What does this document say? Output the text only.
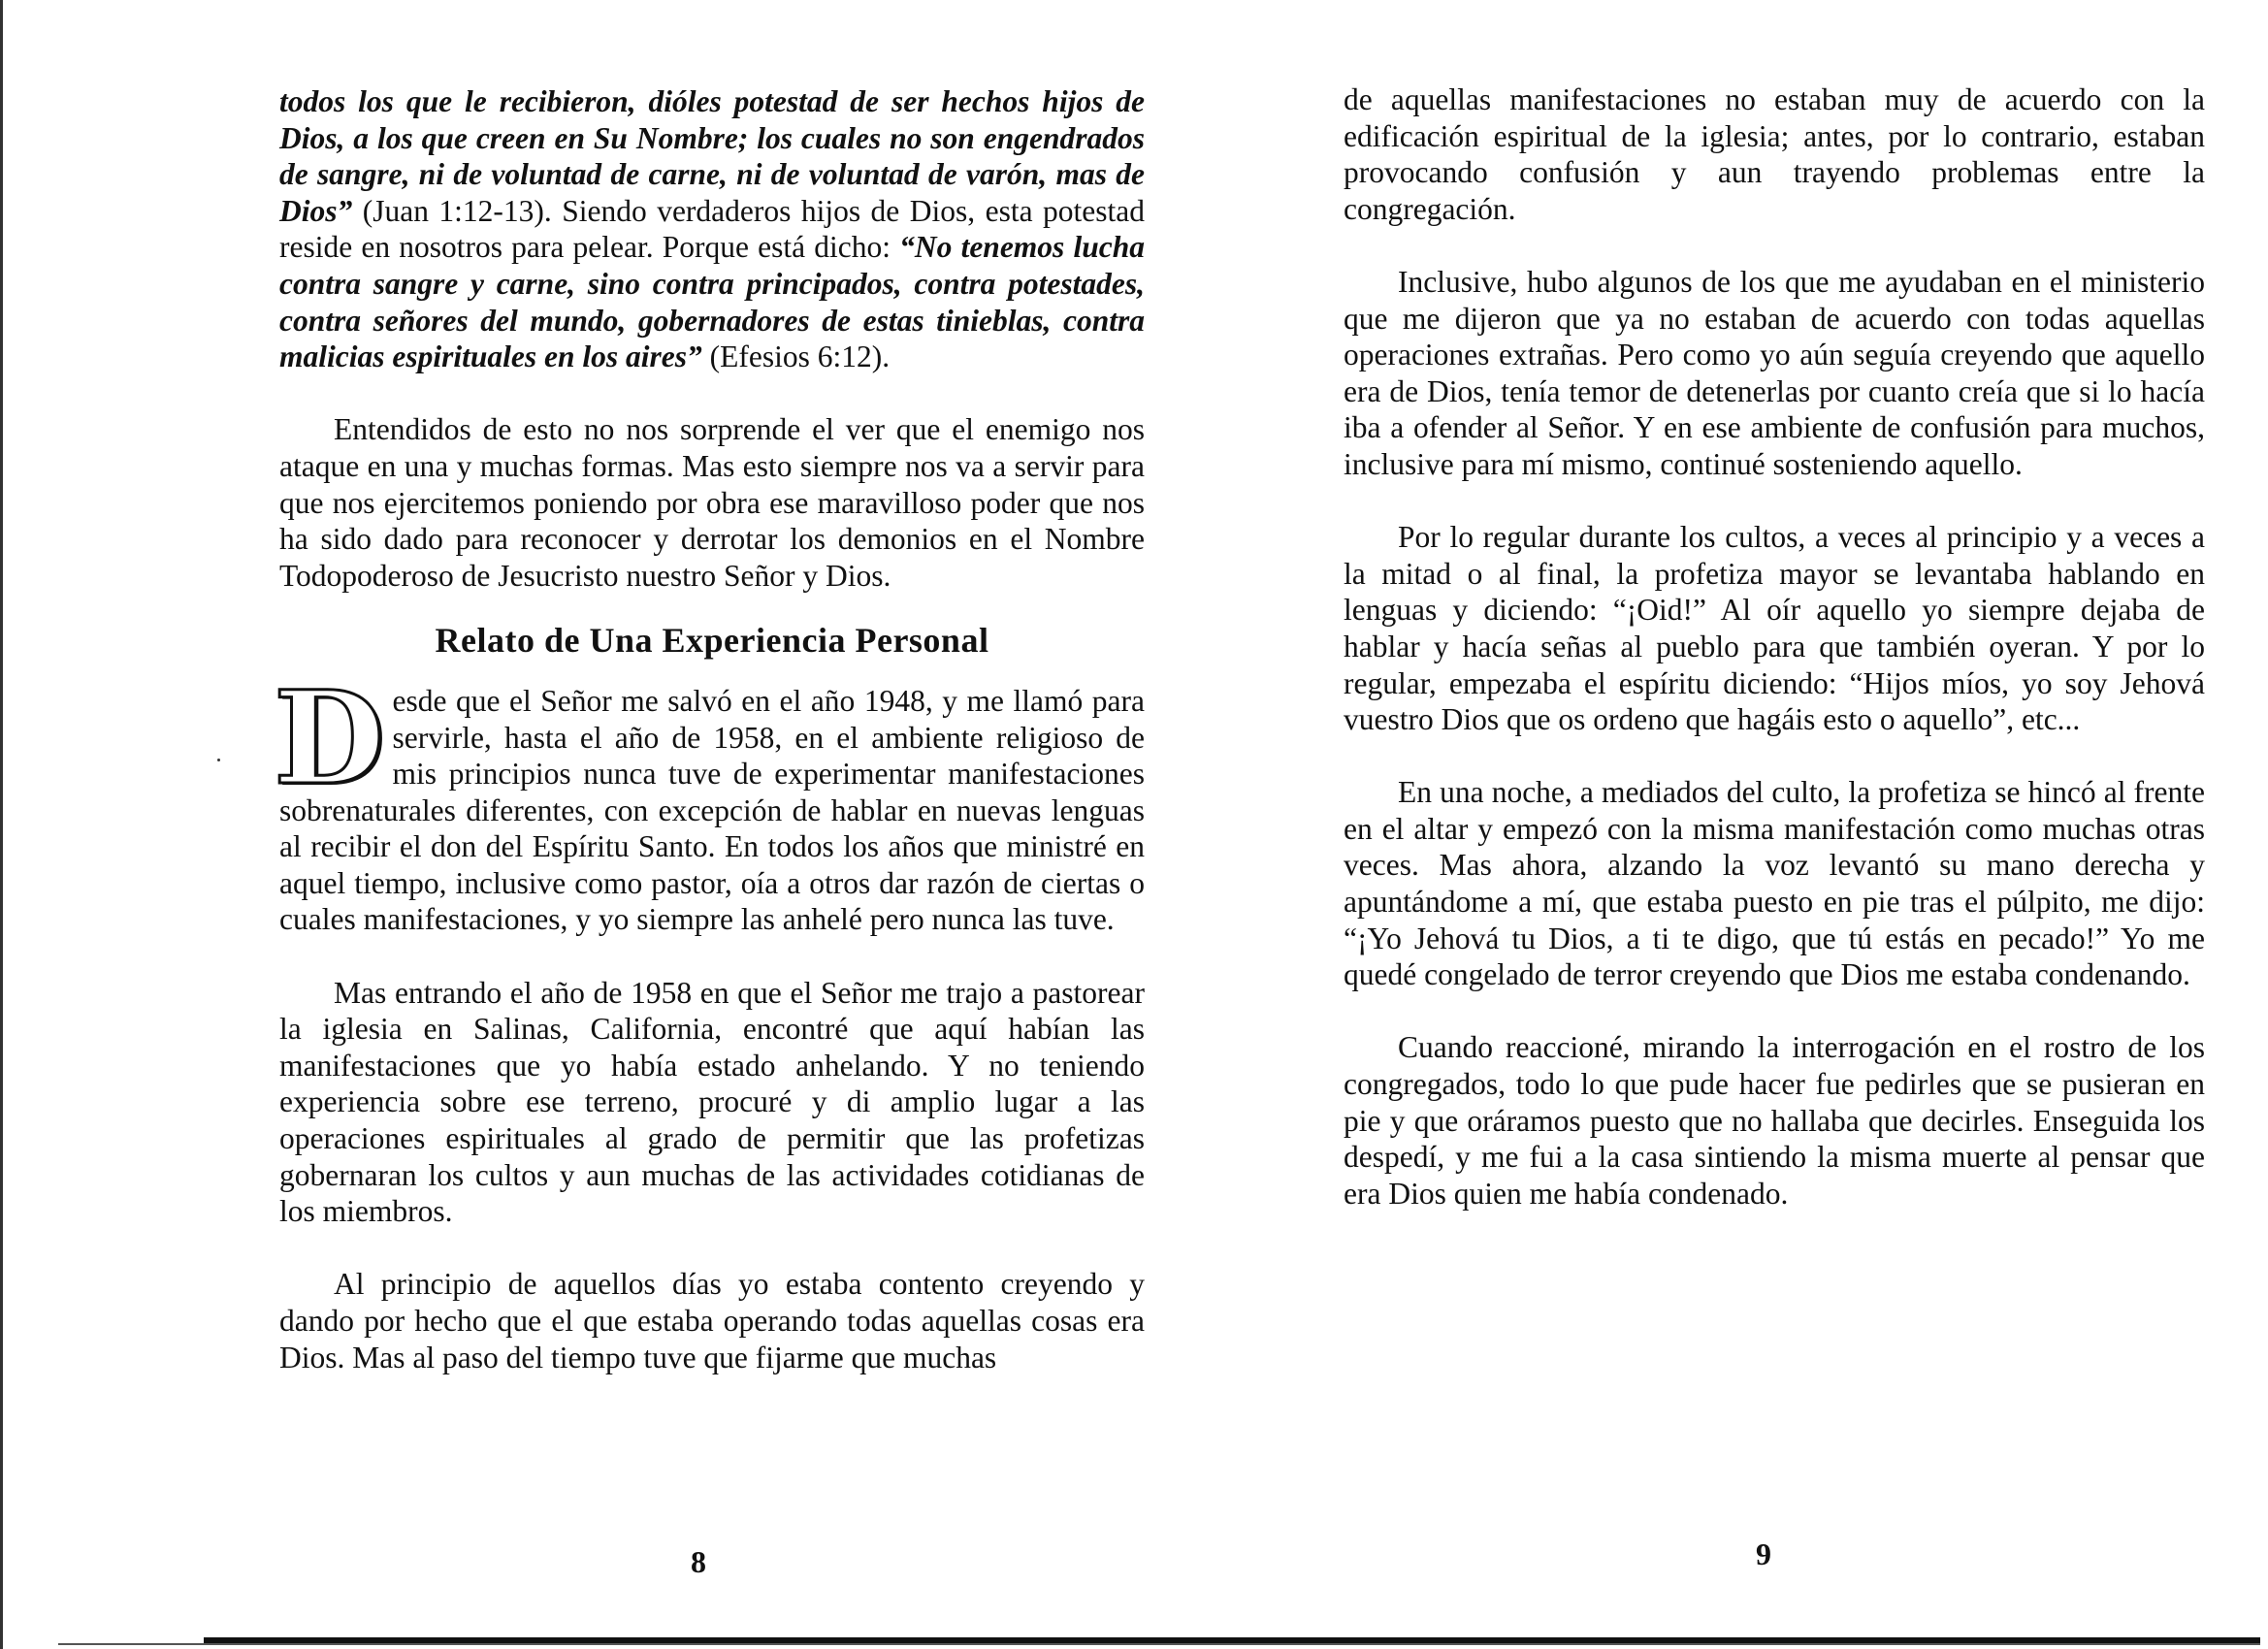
todos los que le recibieron, dióles potestad de ser hechos hijos de Dios, a los que creen en Su Nombre; los cuales no son engendrados de sangre, ni de voluntad de carne, ni de voluntad de varón, mas de Dios” (Juan 1:12-13). Siendo verdaderos hijos de Dios, esta potestad reside en nosotros para pelear. Porque está dicho: “No tenemos lucha contra sangre y carne, sino contra principados, contra potestades, contra señores del mundo, gobernadores de estas tinieblas, contra malicias espirituales en los aires” (Efesios 6:12).

Entendidos de esto no nos sorprende el ver que el enemigo nos ataque en una y muchas formas. Mas esto siempre nos va a servir para que nos ejercitemos poniendo por obra ese maravilloso poder que nos ha sido dado para reconocer y derrotar los demonios en el Nombre Todopoderoso de Jesucristo nuestro Señor y Dios.

Relato de Una Experiencia Personal

Desde que el Señor me salvó en el año 1948, y me llamó para servirle, hasta el año de 1958, en el ambiente religioso de mis principios nunca tuve de experimentar manifestaciones sobrenaturales diferentes, con excepción de hablar en nuevas lenguas al recibir el don del Espíritu Santo. En todos los años que ministré en aquel tiempo, inclusive como pastor, oía a otros dar razón de ciertas o cuales manifestaciones, y yo siempre las anhelé pero nunca las tuve.

Mas entrando el año de 1958 en que el Señor me trajo a pastorear la iglesia en Salinas, California, encontré que aquí habían las manifestaciones que yo había estado anhelando. Y no teniendo experiencia sobre ese terreno, procuré y di amplio lugar a las operaciones espirituales al grado de permitir que las profetizas gobernaran los cultos y aun muchas de las actividades cotidianas de los miembros.

Al principio de aquellos días yo estaba contento creyendo y dando por hecho que el que estaba operando todas aquellas cosas era Dios. Mas al paso del tiempo tuve que fijarme que muchas

8

de aquellas manifestaciones no estaban muy de acuerdo con la edificación espiritual de la iglesia; antes, por lo contrario, estaban provocando confusión y aun trayendo problemas entre la congregación.

Inclusive, hubo algunos de los que me ayudaban en el ministerio que me dijeron que ya no estaban de acuerdo con todas aquellas operaciones extrañas. Pero como yo aún seguía creyendo que aquello era de Dios, tenía temor de detenerlas por cuanto creía que si lo hacía iba a ofender al Señor. Y en ese ambiente de confusión para muchos, inclusive para mí mismo, continué sosteniendo aquello.

Por lo regular durante los cultos, a veces al principio y a veces a la mitad o al final, la profetiza mayor se levantaba hablando en lenguas y diciendo: “¡Oid!” Al oír aquello yo siempre dejaba de hablar y hacía señas al pueblo para que también oyeran. Y por lo regular, empezaba el espíritu diciendo: “Hijos míos, yo soy Jehová vuestro Dios que os ordeno que hagáis esto o aquello”, etc...

En una noche, a mediados del culto, la profetiza se hincó al frente en el altar y empezó con la misma manifestación como muchas otras veces. Mas ahora, alzando la voz levantó su mano derecha y apuntándome a mí, que estaba puesto en pie tras el púlpito, me dijo: “¡Yo Jehová tu Dios, a ti te digo, que tú estás en pecado!” Yo me quedé congelado de terror creyendo que Dios me estaba condenando.

Cuando reaccioné, mirando la interrogación en el rostro de los congregados, todo lo que pude hacer fue pedirles que se pusieran en pie y que oráramos puesto que no hallaba que decirles. Enseguida los despedí, y me fui a la casa sintiendo la misma muerte al pensar que era Dios quien me había condenado.

9
